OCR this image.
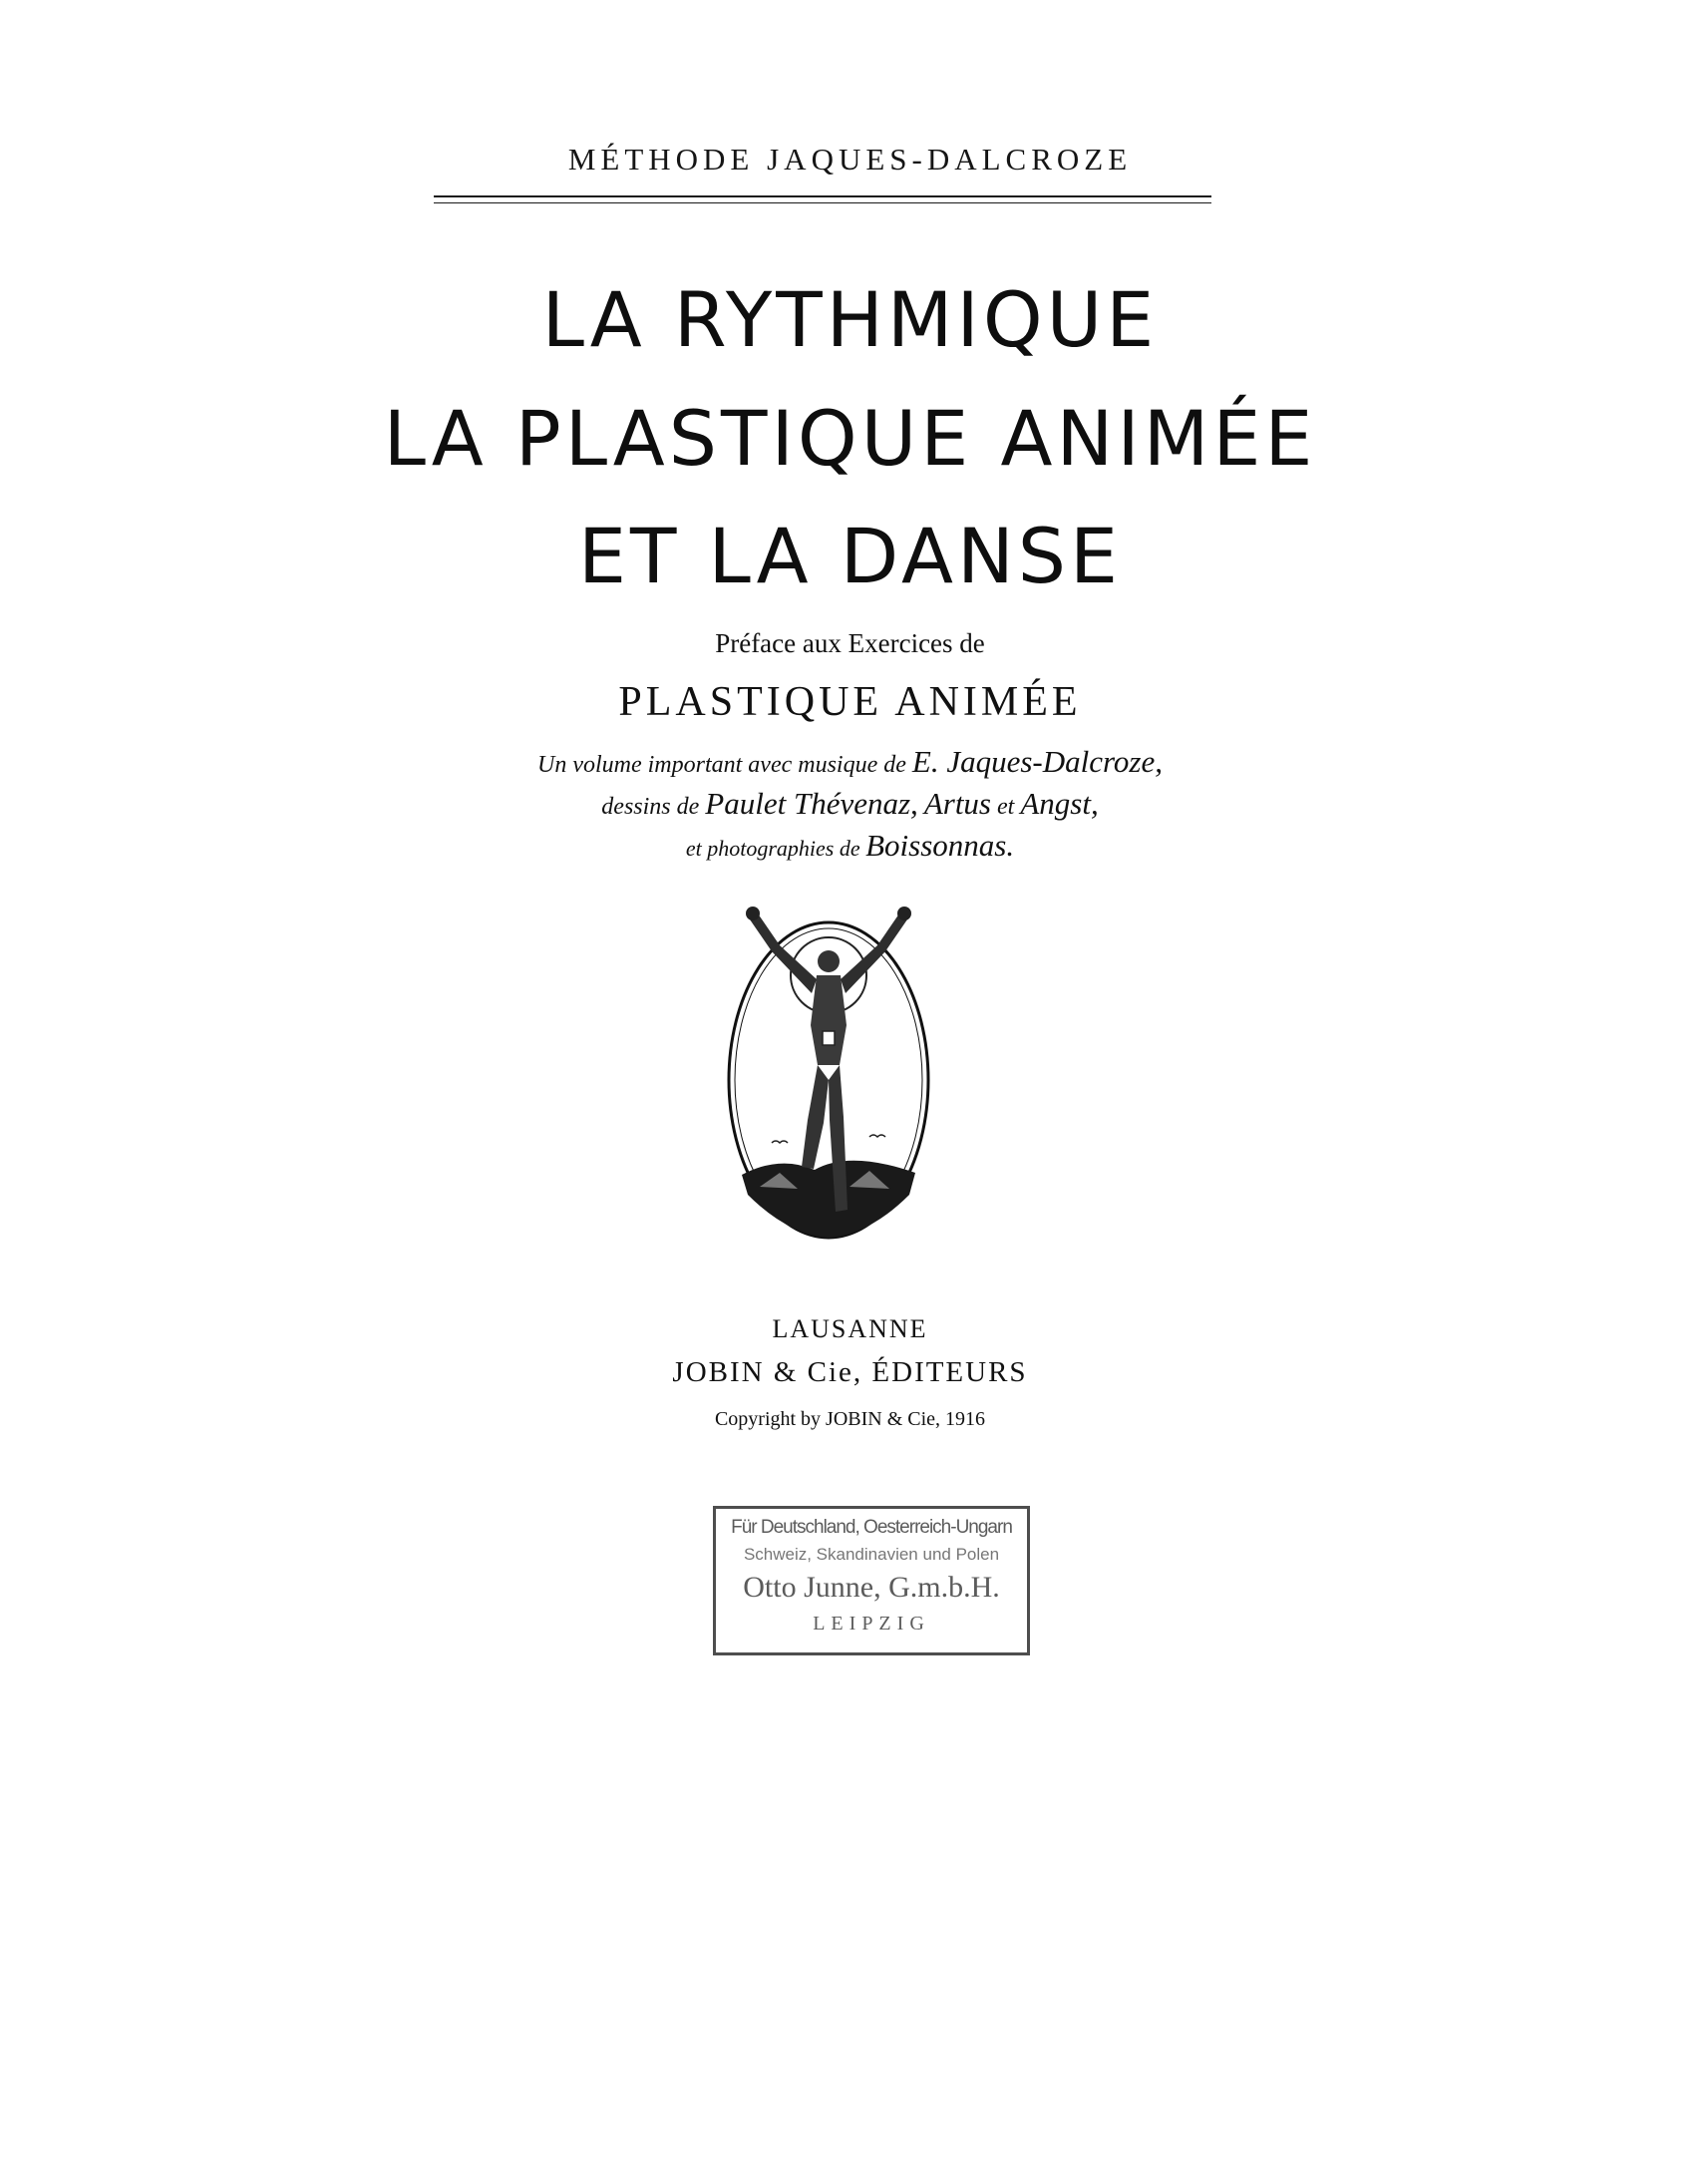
MÉTHODE JAQUES-DALCROZE
LA RYTHMIQUE
LA PLASTIQUE ANIMÉE
ET LA DANSE
Préface aux Exercices de
PLASTIQUE ANIMÉE
Un volume important avec musique de E. Jaques-Dalcroze,
dessins de Paulet Thévenaz, Artus et Angst,
et photographies de Boissonnas.
LAUSANNE
JOBIN & Cie, ÉDITEURS
Copyright by JOBIN & Cie, 1916
Für Deutschland, Oesterreich-Ungarn
Schweiz, Skandinavien und Polen
Otto Junne, G.m.b.H.
LEIPZIG
